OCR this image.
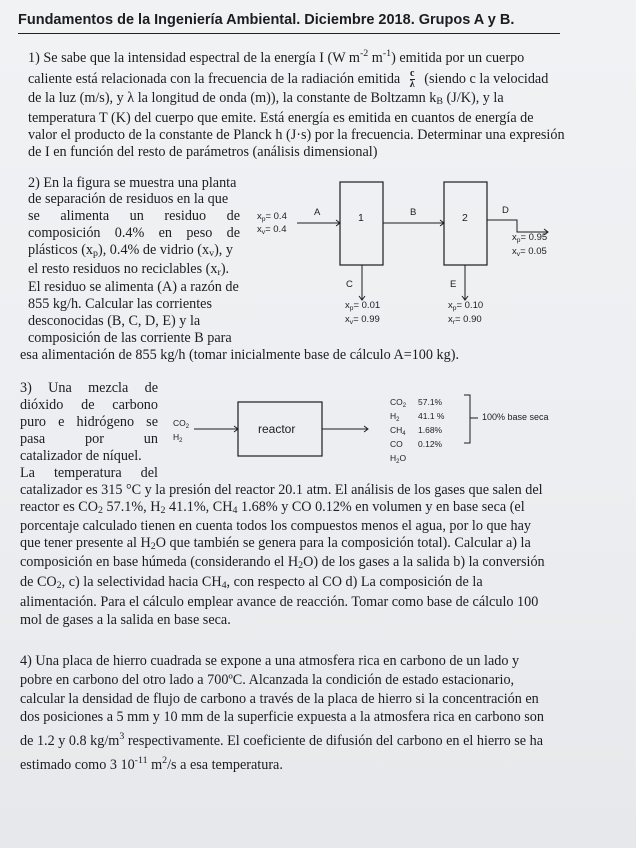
Fundamentos de la Ingeniería Ambiental. Diciembre 2018. Grupos A y B.
1) Se sabe que la intensidad espectral de la energía I (W $m^{-2}$ $m^{-1}$) emitida por un cuerpo
caliente está relacionada con la frecuencia de la radiación emitida $\frac{c}{\lambda}$ (siendo c la velocidad
de la luz (m/s), y λ la longitud de onda (m)), la constante de Boltzamn $k_B$ (J/K), y la
temperatura T (K) del cuerpo que emite. Está energía es emitida en cuantos de energía de
valor el producto de la constante de Planck h (J·s) por la frecuencia. Determinar una expresión
de I en función del resto de parámetros (análisis dimensional)
2) En la figura se muestra una planta
de separación de residuos en la que
se alimenta un residuo de
composición 0.4% en peso de
plásticos $(x_p)$, 0.4% de vidrio $(x_v)$, y
el resto residuos no reciclables $(x_r)$.
El residuo se alimenta (A) a razón de
855 kg/h. Calcular las corrientes
desconocidas (B, C, D, E) y la
composición de las corriente B para
esa alimentación de 855 kg/h (tomar inicialmente base de cálculo A=100 kg).
1	2
A	B	D
C	E
$x_p= 0.4$
$x_v= 0.4$
$x_p= 0.01$
$x_v= 0.99$
$x_p= 0.10$
$x_r= 0.90$
$x_p= 0.95$
$x_v= 0.05$
3) Una mezcla de
dióxido de carbono
puro e hidrógeno se
pasa por un
catalizador de níquel.
La temperatura del
reactor
$CO_2$
$H_2$
$CO_2$ 57.1%
$H_2$ 41.1 %
$CH_4$ 1.68%
CO 0.12%
$H_2O$
100% base seca
catalizador es 315 °C y la presión del reactor 20.1 atm. El análisis de los gases que salen del
reactor es $CO_2$ 57.1%, $H_2$ 41.1%, $CH_4$ 1.68% y CO 0.12% en volumen y en base seca (el
porcentaje calculado tienen en cuenta todos los compuestos menos el agua, por lo que hay
que tener presente al $H_2O$ que también se genera para la composición total). Calcular a) la
composición en base húmeda (considerando el $H_2O$) de los gases a la salida b) la conversión
de $CO_2$, c) la selectividad hacia $CH_4$, con respecto al CO d) La composición de la
alimentación. Para el cálculo emplear avance de reacción. Tomar como base de cálculo 100
mol de gases a la salida en base seca.
4) Una placa de hierro cuadrada se expone a una atmosfera rica en carbono de un lado y
pobre en carbono del otro lado a 700ºC. Alcanzada la condición de estado estacionario,
calcular la densidad de flujo de carbono a través de la placa de hierro si la concentración en
dos posiciones a 5 mm y 10 mm de la superficie expuesta a la atmosfera rica en carbono son
de 1.2 y 0.8 $kg/m^3$ respectivamente. El coeficiente de difusión del carbono en el hierro se ha
estimado como 3 $10^{-11}$ $m^2/s$ a esa temperatura.
